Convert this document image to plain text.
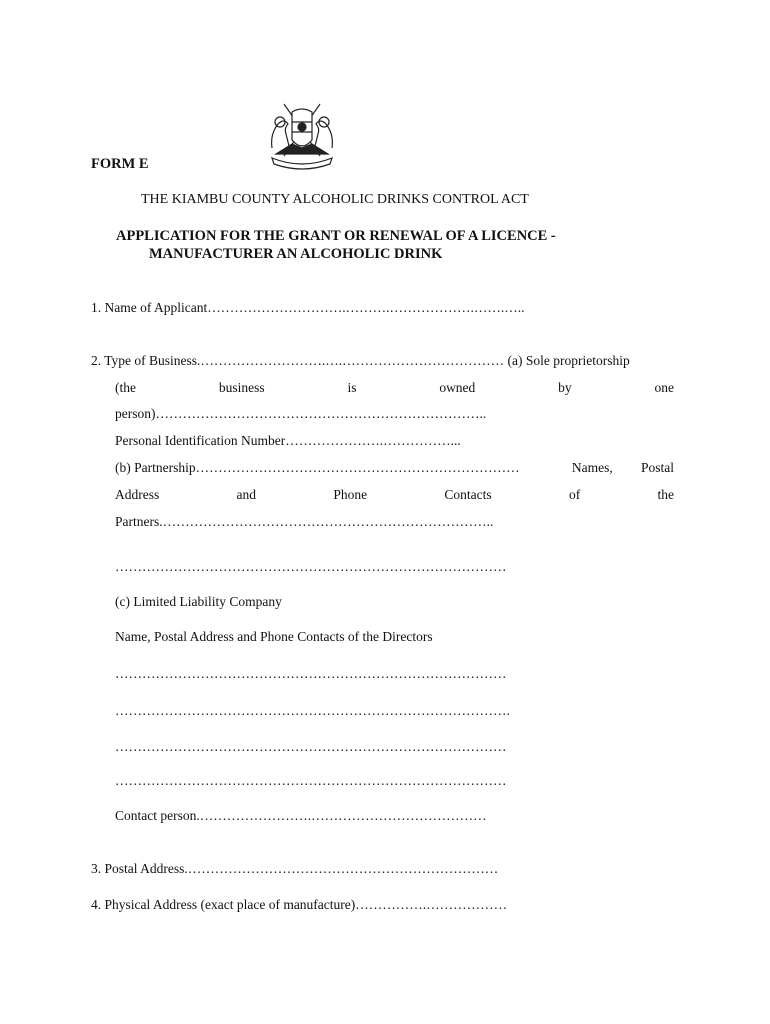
FORM E
THE KIAMBU COUNTY ALCOHOLIC DRINKS CONTROL ACT
APPLICATION FOR THE GRANT OR RENEWAL OF A LICENCE -
MANUFACTURER AN ALCOHOLIC DRINK
1. Name of Applicant………………………….……….……………….…….…..
2. Type of Business.……………………….….……………………………… (a) Sole proprietorship
(the	business	is	owned	by	one
person)………………………………………………………………..
Personal Identification Number………………….……………...
(b) Partnership………………………………………………………………	Names, Postal
Address	and	Phone	Contacts	of	the
Partners.………………………………………………………………..
……………………………………………………………………………
(c) Limited Liability Company
Name, Postal Address and Phone Contacts of the Directors
……………………………………………………………………………
…………………………………………………………………………….
……………………………………………………………………………
……………………………………………………………………………
Contact person.…………………….…………………………………
3. Postal Address.……………………………………………………………
4. Physical Address (exact place of manufacture)…………….………………
